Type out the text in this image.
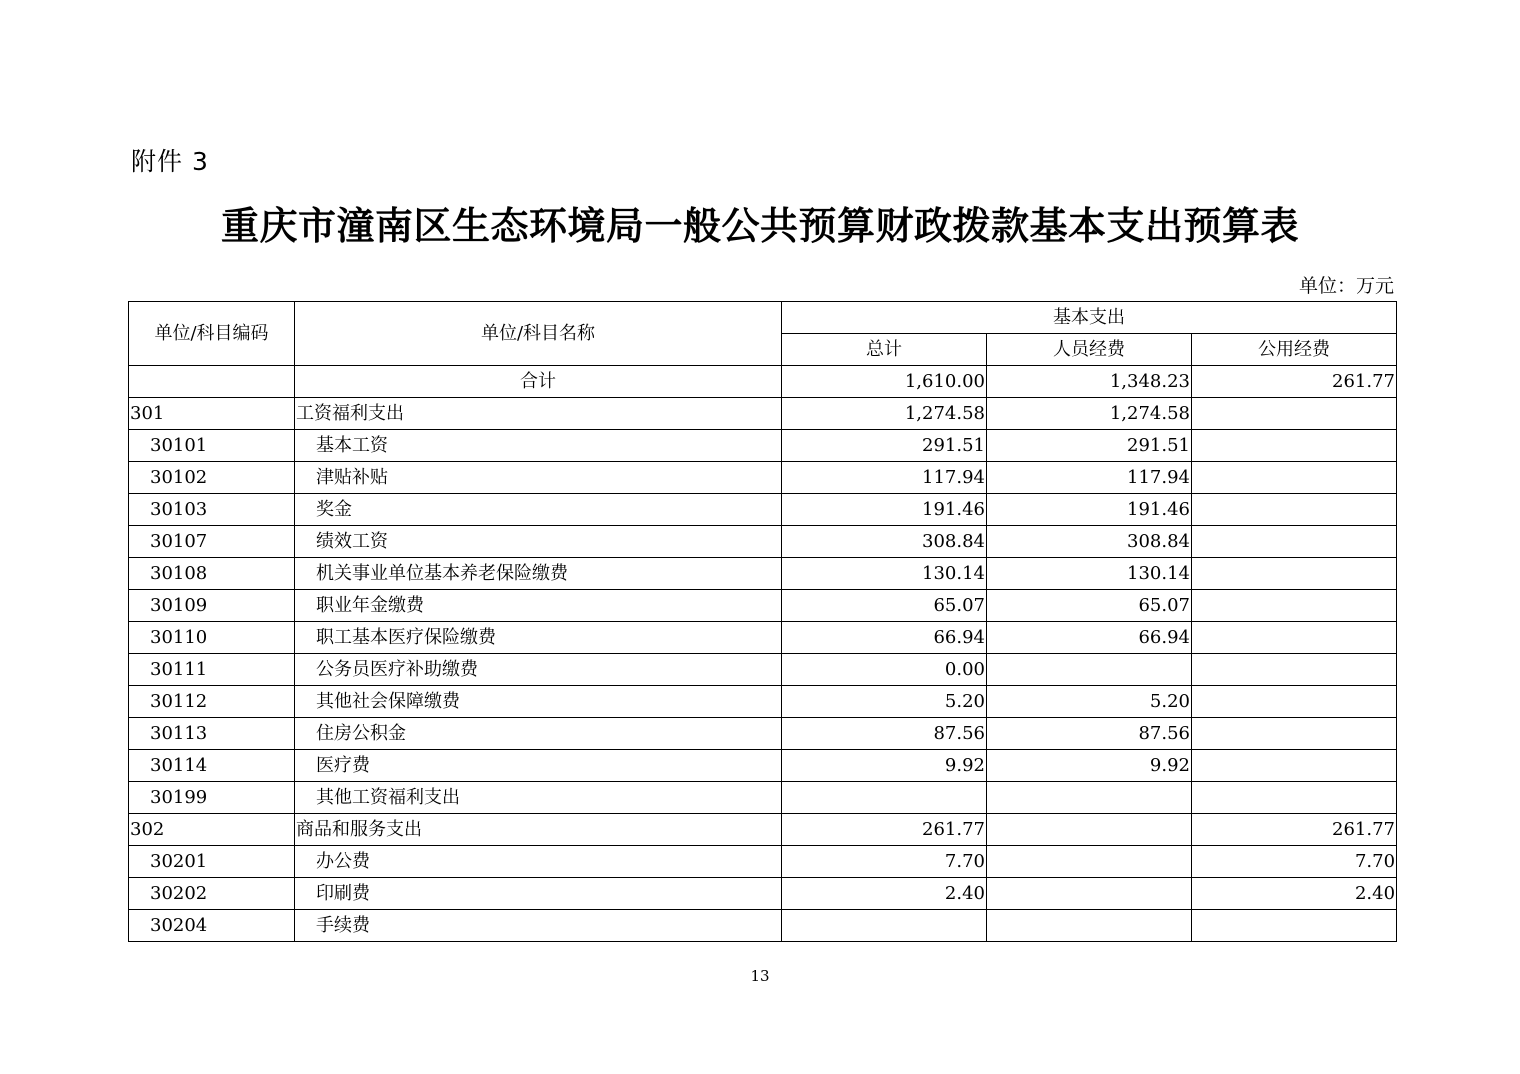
附件 3
重庆市潼南区生态环境局一般公共预算财政拨款基本支出预算表
单位：万元
单位/科目编码	单位/科目名称	基本支出		
		总计	人员经费	公用经费
	合计	1,610.00	1,348.23	261.77
301	工资福利支出	1,274.58	1,274.58	
30101	基本工资	291.51	291.51	
30102	津贴补贴	117.94	117.94	
30103	奖金	191.46	191.46	
30107	绩效工资	308.84	308.84	
30108	机关事业单位基本养老保险缴费	130.14	130.14	
30109	职业年金缴费	65.07	65.07	
30110	职工基本医疗保险缴费	66.94	66.94	
30111	公务员医疗补助缴费	0.00		
30112	其他社会保障缴费	5.20	5.20	
30113	住房公积金	87.56	87.56	
30114	医疗费	9.92	9.92	
30199	其他工资福利支出			
302	商品和服务支出	261.77		261.77
30201	办公费	7.70		7.70
30202	印刷费	2.40		2.40
30204	手续费			
13
